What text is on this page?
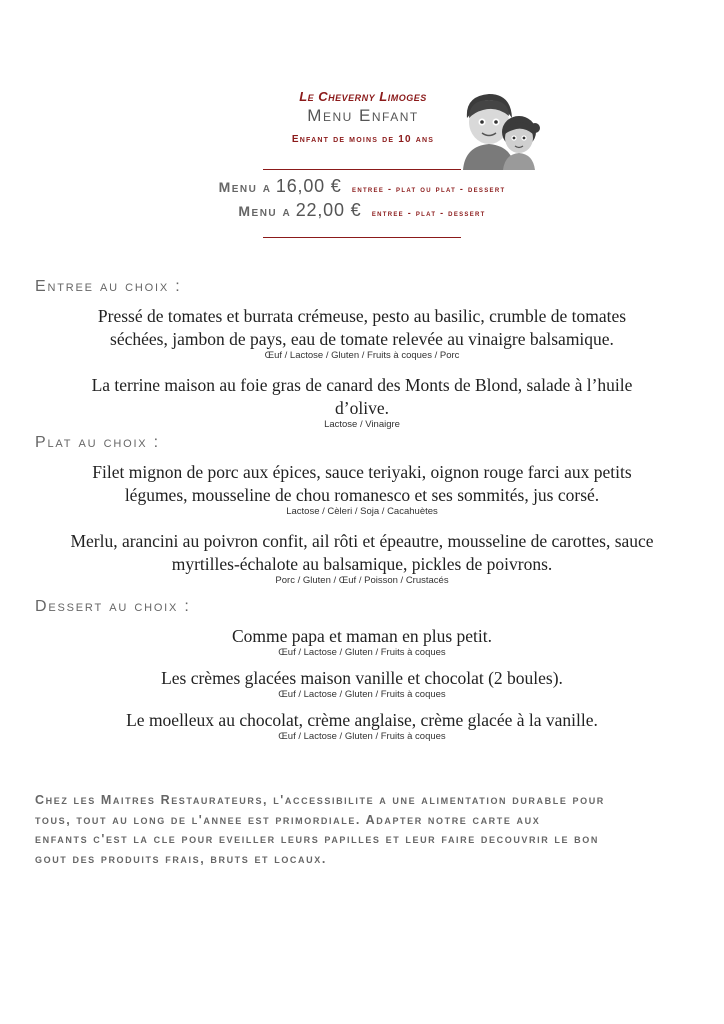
Le Cheverny Limoges
Menu Enfant
Enfant de moins de 10 ans
Menu a 16,00 € entree - plat ou plat - dessert
Menu a 22,00 € entree - plat - dessert
Entree au choix :
Pressé de tomates et burrata crémeuse, pesto au basilic, crumble de tomates
séchées, jambon de pays, eau de tomate relevée au vinaigre balsamique.
Œuf / Lactose / Gluten / Fruits à coques / Porc
La terrine maison au foie gras de canard des Monts de Blond, salade à l’huile
d’olive.
Lactose / Vinaigre
Plat au choix :
Filet mignon de porc aux épices, sauce teriyaki, oignon rouge farci aux petits
légumes, mousseline de chou romanesco et ses sommités, jus corsé.
Lactose / Cèleri / Soja / Cacahuètes
Merlu, arancini au poivron confit, ail rôti et épeautre, mousseline de carottes, sauce
myrtilles-échalote au balsamique, pickles de poivrons.
Porc / Gluten / Œuf / Poisson / Crustacés
Dessert au choix :
Comme papa et maman en plus petit.
Œuf / Lactose / Gluten / Fruits à coques
Les crèmes glacées maison vanille et chocolat (2 boules).
Œuf / Lactose / Gluten / Fruits à coques
Le moelleux au chocolat, crème anglaise, crème glacée à la vanille.
Œuf / Lactose / Gluten / Fruits à coques
Chez les Maitres Restaurateurs, l'accessibilite a une alimentation durable pour
tous, tout au long de l'annee est primordiale. Adapter notre carte aux
enfants c'est la cle pour eveiller leurs papilles et leur faire decouvrir le bon
gout des produits frais, bruts et locaux.
